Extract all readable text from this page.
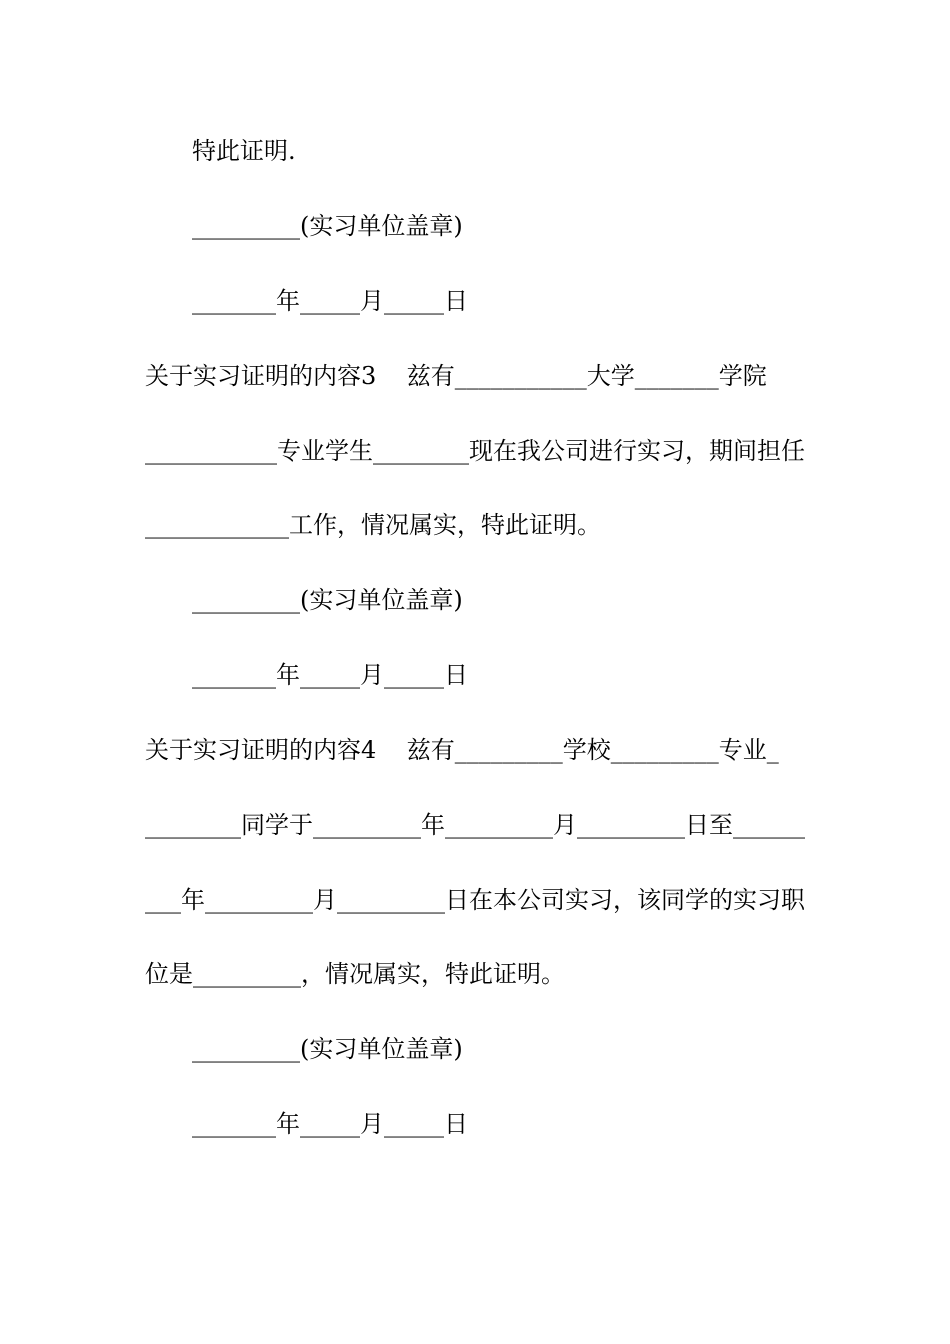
特此证明.
_________(实习单位盖章)
_______年_____月_____日
关于实习证明的内容3    兹有___________大学_______学院
___________专业学生________现在我公司进行实习，期间担任
____________工作，情况属实，特此证明。
_________(实习单位盖章)
_______年_____月_____日
关于实习证明的内容4    兹有_________学校_________专业_
________同学于_________年_________月_________日至______
___年_________月_________日在本公司实习，该同学的实习职
位是_________，情况属实，特此证明。
_________(实习单位盖章)
_______年_____月_____日
